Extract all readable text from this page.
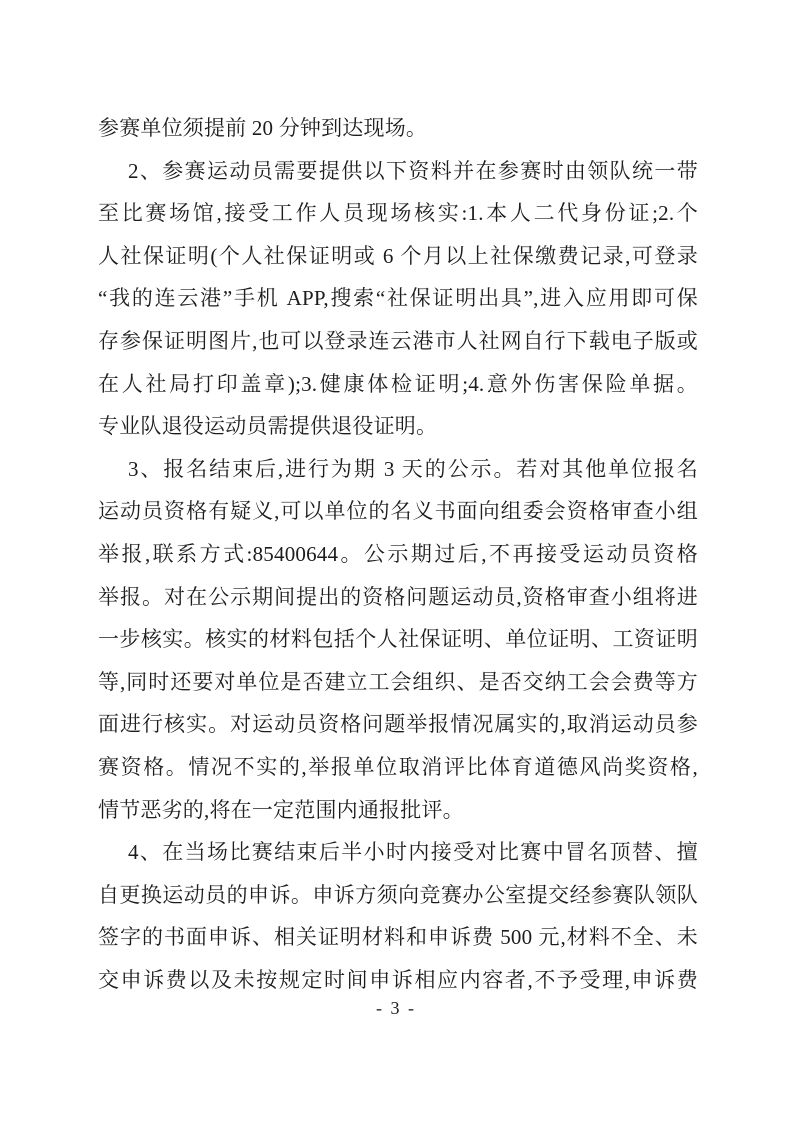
参赛单位须提前 20 分钟到达现场。
2、参赛运动员需要提供以下资料并在参赛时由领队统一带
至比赛场馆,接受工作人员现场核实:1.本人二代身份证;2.个
人社保证明(个人社保证明或 6 个月以上社保缴费记录,可登录
“我的连云港”手机 APP,搜索“社保证明出具”,进入应用即可保
存参保证明图片,也可以登录连云港市人社网自行下载电子版或
在人社局打印盖章);3.健康体检证明;4.意外伤害保险单据。
专业队退役运动员需提供退役证明。
3、报名结束后,进行为期 3 天的公示。若对其他单位报名
运动员资格有疑义,可以单位的名义书面向组委会资格审查小组
举报,联系方式:85400644。公示期过后,不再接受运动员资格
举报。对在公示期间提出的资格问题运动员,资格审查小组将进
一步核实。核实的材料包括个人社保证明、单位证明、工资证明
等,同时还要对单位是否建立工会组织、是否交纳工会会费等方
面进行核实。对运动员资格问题举报情况属实的,取消运动员参
赛资格。情况不实的,举报单位取消评比体育道德风尚奖资格,
情节恶劣的,将在一定范围内通报批评。
4、在当场比赛结束后半小时内接受对比赛中冒名顶替、擅
自更换运动员的申诉。申诉方须向竞赛办公室提交经参赛队领队
签字的书面申诉、相关证明材料和申诉费 500 元,材料不全、未
交申诉费以及未按规定时间申诉相应内容者,不予受理,申诉费
- 3 -
